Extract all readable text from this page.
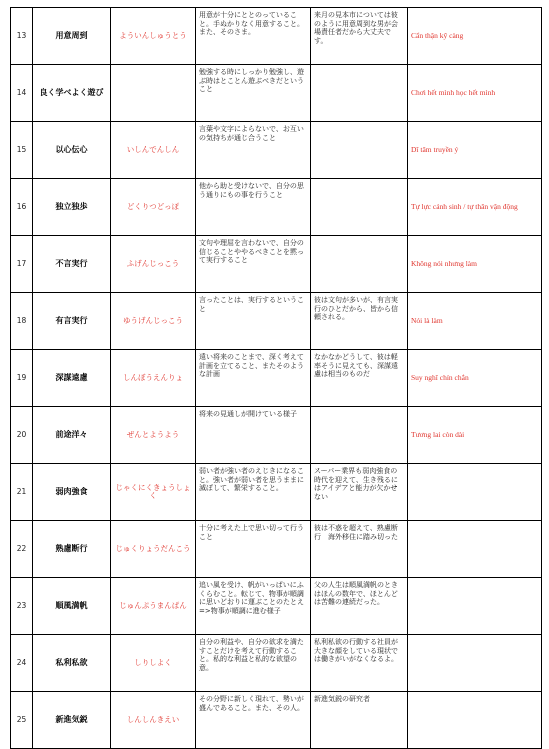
13	用意周到	よういんしゅうとう	用意が十分にととのっていること。手ぬかりなく用意すること。また、そのさま。	来月の見本市については彼のように用意周到な男が会場責任者だから大丈夫です。	Cẩn thận kỹ càng
14	良く学べよく遊び		勉強する時にしっかり勉強し、遊ぶ時はとことん遊ぶべきだということ		Chơi hết mình học hết mình
15	以心伝心	いしんでんしん	言葉や文字によらないで、お互いの気持ちが通じ合うこと		Dĩ tâm truyền ý
16	独立独歩	どくりつどっぽ	他から助と受けないで、自分の思う通りにもの事を行うこと		Tự lực cánh sinh / tự thân vận động
17	不言実行	ふげんじっこう	文句や理屈を言わないで、自分の信じることややるべきことを黙って実行すること		Không nói nhưng làm
18	有言実行	ゆうげんじっこう	言ったことは、実行するということ	彼は文句が多いが、有言実行のひとだから、皆から信頼される。	Nói là làm
19	深謀遠慮	しんぼうえんりょ	遠い将来のことまで、深く考えて計画を立てること、またそのような計画	なかなかどうして、彼は軽率そうに見えても、深謀遠慮は相当のものだ	Suy nghĩ chín chắn
20	前途洋々	ぜんとようよう	将来の見通しが開けている様子		Tương lai còn dài
21	弱肉強食	じゃくにくきょうしょく	弱い者が強い者のえじきになること。強い者が弱い者を思うままに滅ぼして、繁栄すること。	スーパー業界も弱肉強食の時代を迎えて、生き残るにはアイデアと能力が欠かせない	
22	熟慮断行	じゅくりょうだんこう	十分に考えた上で思い切って行うこと	彼は不惑を超えて、熟慮断行　海外移住に踏み切った	
23	順風満帆	じゅんぷうまんぱん	追い風を受け、帆がいっぱいにふくらむこと。転じて、物事が順調に思いどおりに運ぶことのたとえ
=>物事が順調に進む様子	父の人生は順風満帆のときはほんの数年で、ほとんどは苦難の連続だった。	
24	私利私欲	しりしよく	自分の利益や、自分の欲求を満たすことだけを考えて行動すること。私的な利益と私的な欲望の意。	私利私欲の行動する社員が大きな顔をしている現状では働きがいがなくなるよ。	
25	新進気鋭	しんしんきえい	その分野に新しく現れて、勢いが盛んであること。また、その人。	新進気鋭の研究者	
